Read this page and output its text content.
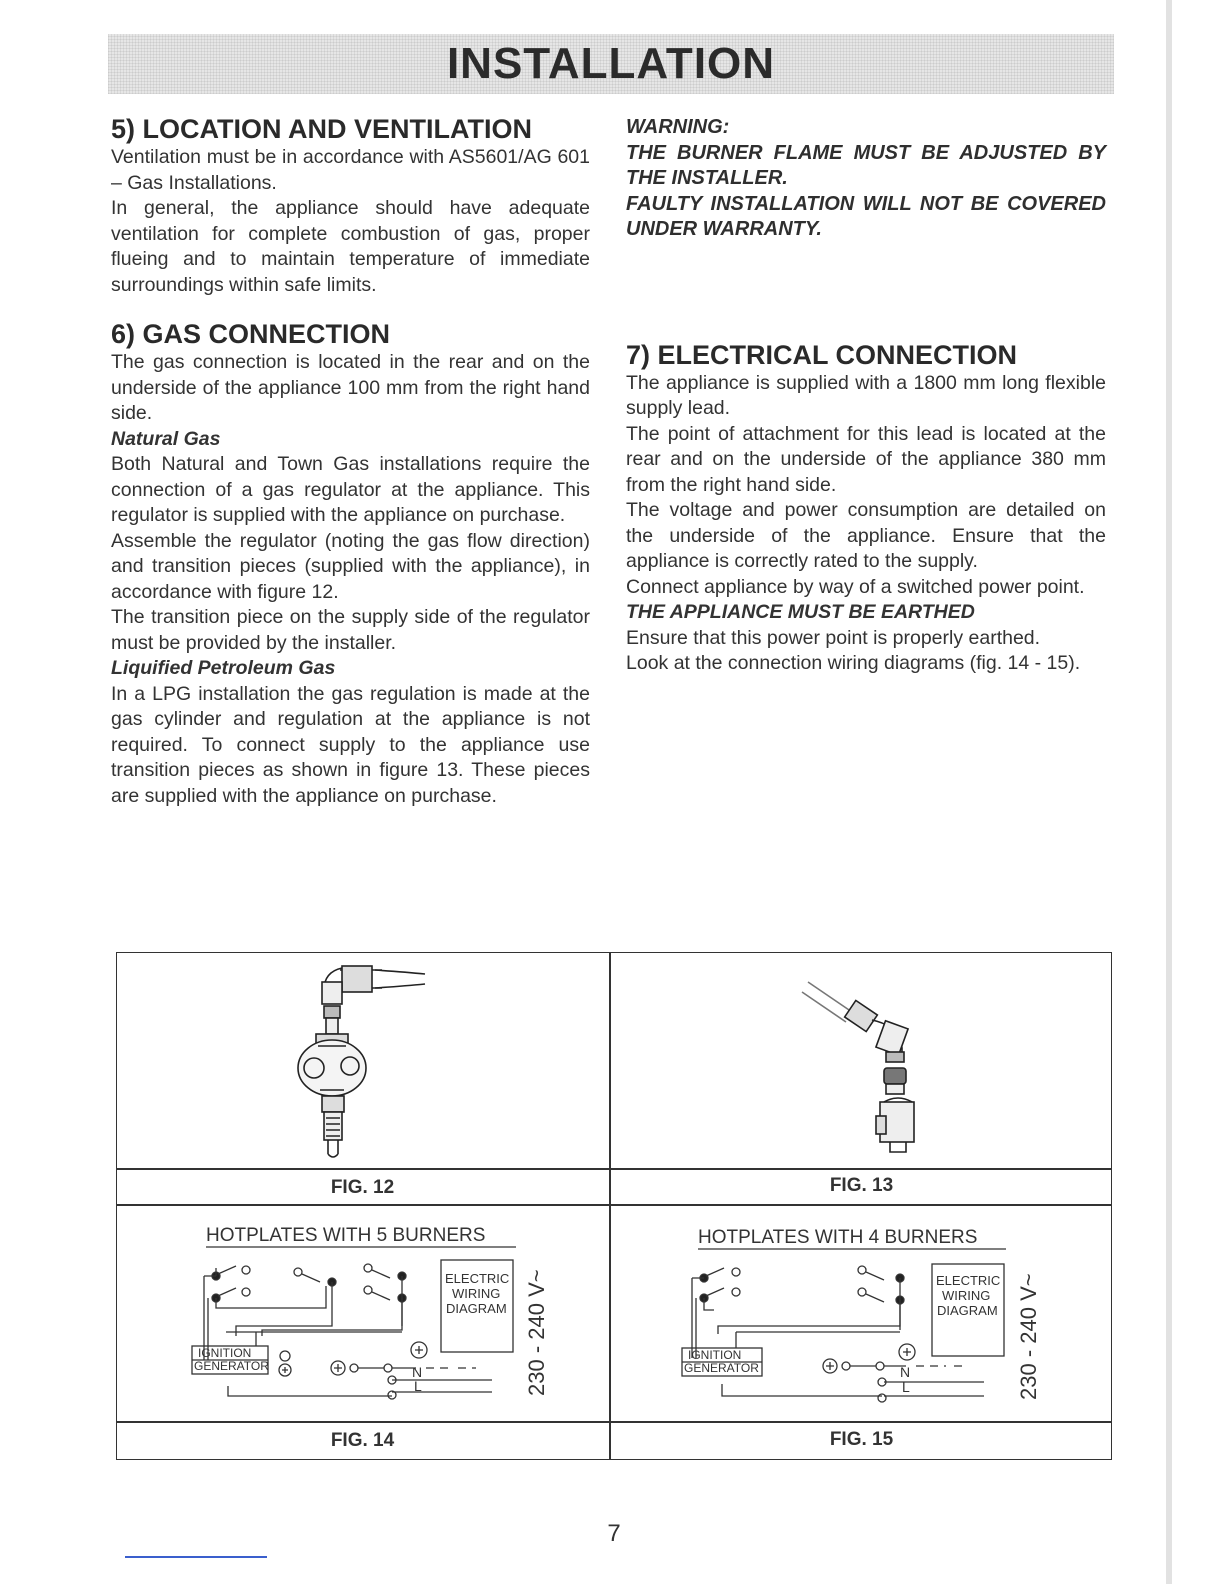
INSTALLATION

5) LOCATION AND VENTILATION

Ventilation must be in accordance with AS5601/AG 601 – Gas Installations.

In general, the appliance should have adequate ventilation for complete combustion of gas, proper flueing and to maintain temperature of immediate surroundings within safe limits.

6) GAS CONNECTION

The gas connection is located in the rear and on the underside of the appliance 100 mm from the right hand side.

Natural Gas

Both Natural and Town Gas installations require the connection of a gas regulator at the appliance. This regulator is supplied with the appliance on purchase.

Assemble the regulator (noting the gas flow direction) and transition pieces (supplied with the appliance), in accordance with figure 12.

The transition piece on the supply side of the regulator must be provided by the installer.

Liquified Petroleum Gas

In a LPG installation the gas regulation is made at the gas cylinder and regulation at the appliance is not required. To connect supply to the appliance use transition pieces as shown in figure 13. These pieces are supplied with the appliance on purchase.

WARNING:

THE BURNER FLAME MUST BE ADJUSTED BY THE INSTALLER.

FAULTY INSTALLATION WILL NOT BE COVERED UNDER WARRANTY.

7) ELECTRICAL CONNECTION

The appliance is supplied with a 1800 mm long flexible supply lead.

The point of attachment for this lead is located at the rear and on the underside of the appliance 380 mm from the right hand side.

The voltage and power consumption are detailed on the underside of the appliance. Ensure that the appliance is correctly rated to the supply.

Connect appliance by way of a switched power point.

THE APPLIANCE MUST BE EARTHED

Ensure that this power point is properly earthed.

Look at the connection wiring diagrams (fig. 14 - 15).

FIG. 12	FIG. 13
HOTPLATES WITH 5 BURNERS
ELECTRIC
WIRING
DIAGRAM
IGNITION
GENERATOR	N
L	230 - 240 V~
HOTPLATES WITH 4 BURNERS
ELECTRIC
WIRING
DIAGRAM
IGNITION
GENERATOR	N
L	230 - 240 V~
FIG. 14	FIG. 15
7
